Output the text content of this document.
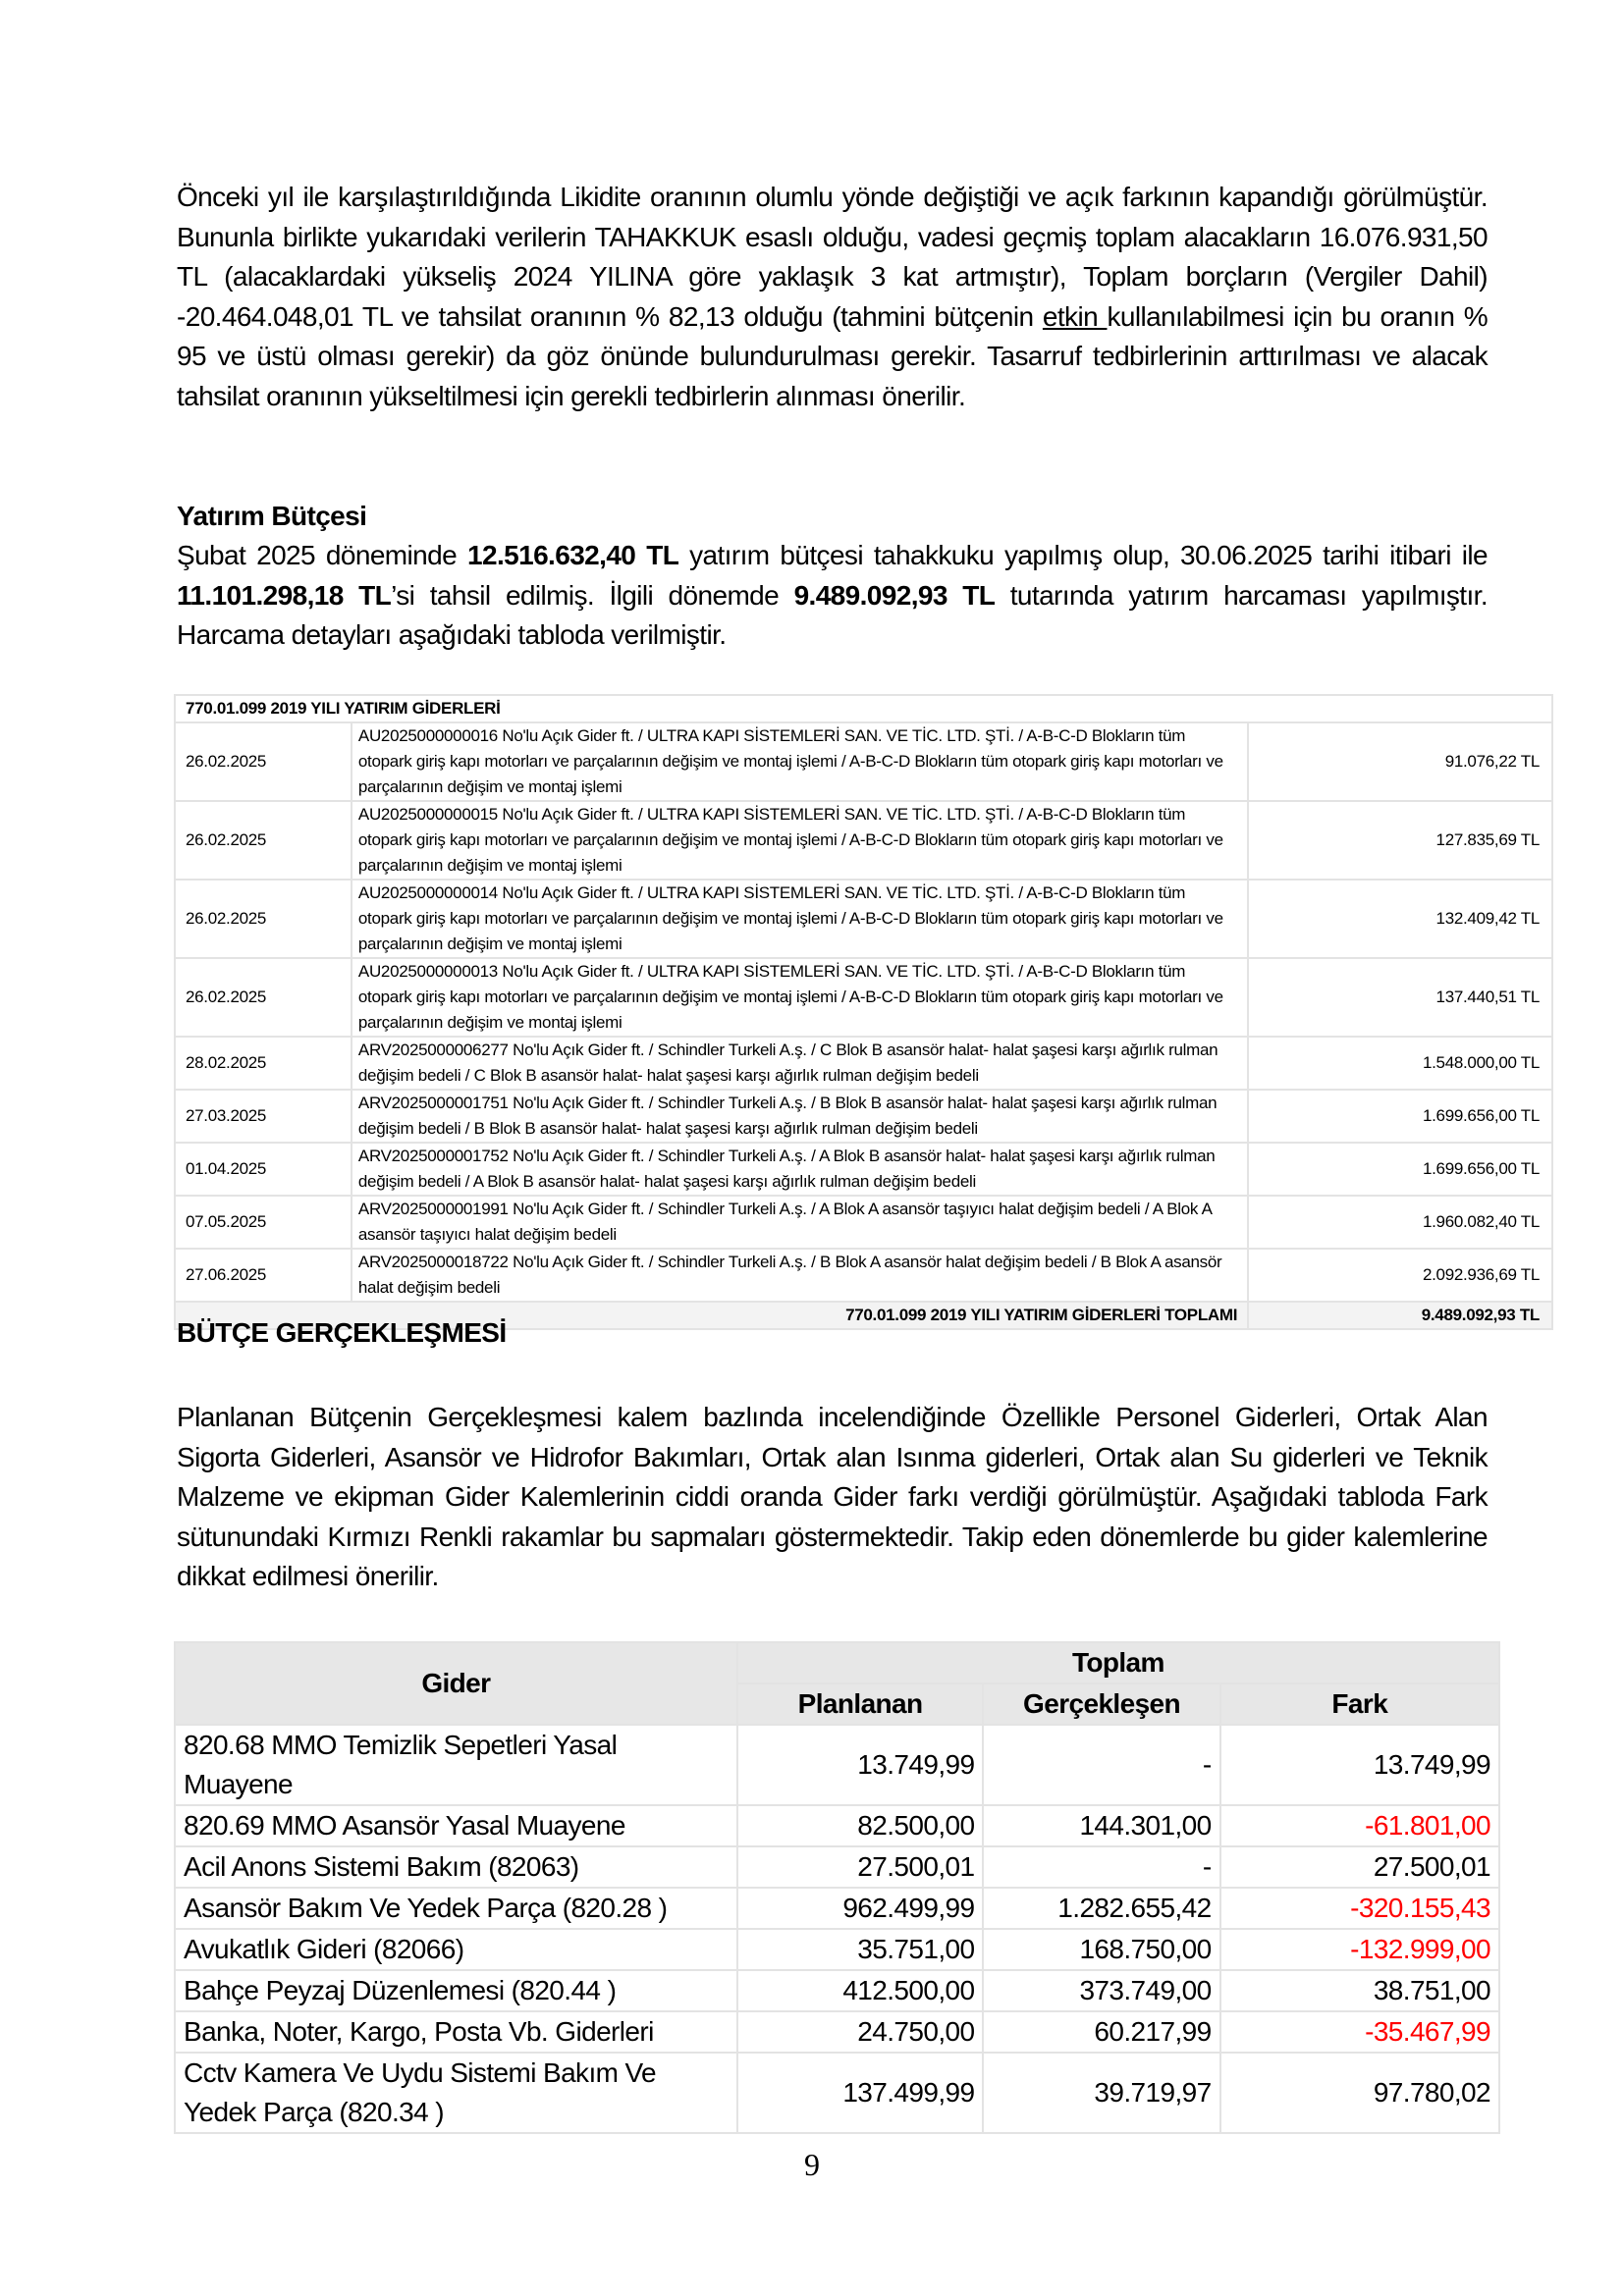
Önceki yıl ile karşılaştırıldığında Likidite oranının olumlu yönde değiştiği ve açık farkının kapandığı görülmüştür. Bununla birlikte yukarıdaki verilerin TAHAKKUK esaslı olduğu, vadesi geçmiş toplam alacakların 16.076.931,50 TL (alacaklardaki yükseliş 2024 YILINA göre yaklaşık 3 kat artmıştır), Toplam borçların (Vergiler Dahil) -20.464.048,01 TL ve tahsilat oranının % 82,13 olduğu (tahmini bütçenin etkin kullanılabilmesi için bu oranın % 95 ve üstü olması gerekir) da göz önünde bulundurulması gerekir. Tasarruf tedbirlerinin arttırılması ve alacak tahsilat oranının yükseltilmesi için gerekli tedbirlerin alınması önerilir.

Yatırım Bütçesi

Şubat 2025 döneminde 12.516.632,40 TL yatırım bütçesi tahakkuku yapılmış olup, 30.06.2025 tarihi itibari ile 11.101.298,18 TL’si tahsil edilmiş. İlgili dönemde 9.489.092,93 TL tutarında yatırım harcaması yapılmıştır. Harcama detayları aşağıdaki tabloda verilmiştir.

770.01.099 2019 YILI YATIRIM GİDERLERİ		
26.02.2025	AU2025000000016 No'lu Açık Gider ft. / ULTRA KAPI SİSTEMLERİ SAN. VE TİC. LTD. ŞTİ. / A-B-C-D Blokların tüm otopark giriş kapı motorları ve parçalarının değişim ve montaj işlemi / A-B-C-D Blokların tüm otopark giriş kapı motorları ve parçalarının değişim ve montaj işlemi	91.076,22 TL
26.02.2025	AU2025000000015 No'lu Açık Gider ft. / ULTRA KAPI SİSTEMLERİ SAN. VE TİC. LTD. ŞTİ. / A-B-C-D Blokların tüm otopark giriş kapı motorları ve parçalarının değişim ve montaj işlemi / A-B-C-D Blokların tüm otopark giriş kapı motorları ve parçalarının değişim ve montaj işlemi	127.835,69 TL
26.02.2025	AU2025000000014 No'lu Açık Gider ft. / ULTRA KAPI SİSTEMLERİ SAN. VE TİC. LTD. ŞTİ. / A-B-C-D Blokların tüm otopark giriş kapı motorları ve parçalarının değişim ve montaj işlemi / A-B-C-D Blokların tüm otopark giriş kapı motorları ve parçalarının değişim ve montaj işlemi	132.409,42 TL
26.02.2025	AU2025000000013 No'lu Açık Gider ft. / ULTRA KAPI SİSTEMLERİ SAN. VE TİC. LTD. ŞTİ. / A-B-C-D Blokların tüm otopark giriş kapı motorları ve parçalarının değişim ve montaj işlemi / A-B-C-D Blokların tüm otopark giriş kapı motorları ve parçalarının değişim ve montaj işlemi	137.440,51 TL
28.02.2025	ARV2025000006277 No'lu Açık Gider ft. / Schindler Turkeli A.ş. / C Blok B asansör halat- halat şaşesi karşı ağırlık rulman değişim bedeli / C Blok B asansör halat- halat şaşesi karşı ağırlık rulman değişim bedeli	1.548.000,00 TL
27.03.2025	ARV2025000001751 No'lu Açık Gider ft. / Schindler Turkeli A.ş. / B Blok B asansör halat- halat şaşesi karşı ağırlık rulman değişim bedeli / B Blok B asansör halat- halat şaşesi karşı ağırlık rulman değişim bedeli	1.699.656,00 TL
01.04.2025	ARV2025000001752 No'lu Açık Gider ft. / Schindler Turkeli A.ş. / A Blok B asansör halat- halat şaşesi karşı ağırlık rulman değişim bedeli / A Blok B asansör halat- halat şaşesi karşı ağırlık rulman değişim bedeli	1.699.656,00 TL
07.05.2025	ARV2025000001991 No'lu Açık Gider ft. / Schindler Turkeli A.ş. / A Blok A asansör taşıyıcı halat değişim bedeli / A Blok A asansör taşıyıcı halat değişim bedeli	1.960.082,40 TL
27.06.2025	ARV2025000018722 No'lu Açık Gider ft. / Schindler Turkeli A.ş. / B Blok A asansör halat değişim bedeli / B Blok A asansör halat değişim bedeli	2.092.936,69 TL
770.01.099 2019 YILI YATIRIM GİDERLERİ TOPLAMI		9.489.092,93 TL
BÜTÇE GERÇEKLEŞMESİ

Planlanan Bütçenin Gerçekleşmesi kalem bazlında incelendiğinde Özellikle Personel Giderleri, Ortak Alan Sigorta Giderleri, Asansör ve Hidrofor Bakımları, Ortak alan Isınma giderleri, Ortak alan Su giderleri ve Teknik Malzeme ve ekipman Gider Kalemlerinin ciddi oranda Gider farkı verdiği görülmüştür. Aşağıdaki tabloda Fark sütunundaki Kırmızı Renkli rakamlar bu sapmaları göstermektedir. Takip eden dönemlerde bu gider kalemlerine dikkat edilmesi önerilir.

Gider	Toplam		
	Planlanan	Gerçekleşen	Fark
820.68 MMO Temizlik Sepetleri Yasal Muayene	13.749,99	-	13.749,99
820.69 MMO Asansör Yasal Muayene	82.500,00	144.301,00	-61.801,00
Acil Anons Sistemi Bakım (82063)	27.500,01	-	27.500,01
Asansör Bakım Ve Yedek Parça (820.28 )	962.499,99	1.282.655,42	-320.155,43
Avukatlık Gideri (82066)	35.751,00	168.750,00	-132.999,00
Bahçe Peyzaj Düzenlemesi (820.44 )	412.500,00	373.749,00	38.751,00
Banka, Noter, Kargo, Posta Vb. Giderleri	24.750,00	60.217,99	-35.467,99
Cctv Kamera Ve Uydu Sistemi Bakım Ve Yedek Parça (820.34 )	137.499,99	39.719,97	97.780,02
9
